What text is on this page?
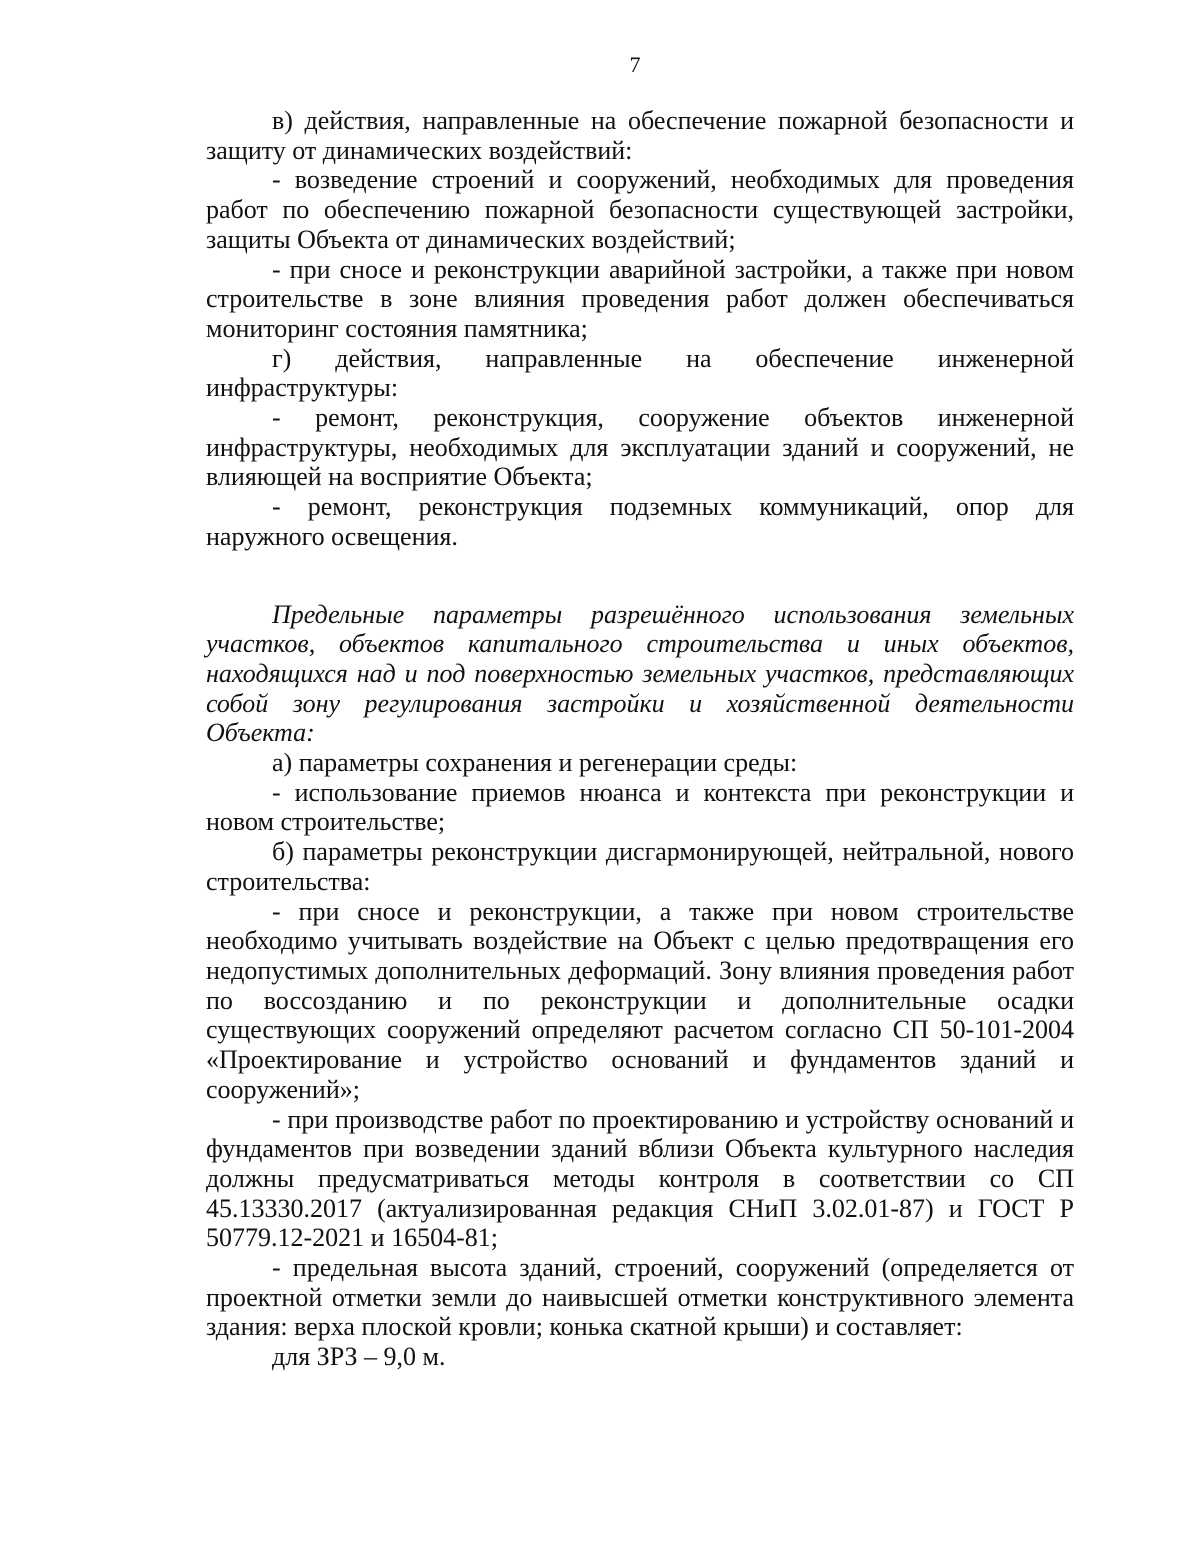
7

в) действия, направленные на обеспечение пожарной безопасности и защиту от динамических воздействий:

- возведение строений и сооружений, необходимых для проведения работ по обеспечению пожарной безопасности существующей застройки, защиты Объекта от динамических воздействий;

- при сносе и реконструкции аварийной застройки, а также при новом строительстве в зоне влияния проведения работ должен обеспечиваться мониторинг состояния памятника;

г) действия, направленные на обеспечение инженерной инфраструктуры:

- ремонт, реконструкция, сооружение объектов инженерной инфраструктуры, необходимых для эксплуатации зданий и сооружений, не влияющей на восприятие Объекта;

- ремонт, реконструкция подземных коммуникаций, опор для наружного освещения.

Предельные параметры разрешённого использования земельных участков, объектов капитального строительства и иных объектов, находящихся над и под поверхностью земельных участков, представляющих собой зону регулирования застройки и хозяйственной деятельности Объекта:

а) параметры сохранения и регенерации среды:

- использование приемов нюанса и контекста при реконструкции и новом строительстве;

б) параметры реконструкции дисгармонирующей, нейтральной, нового строительства:

- при сносе и реконструкции, а также при новом строительстве необходимо учитывать воздействие на Объект с целью предотвращения его недопустимых дополнительных деформаций. Зону влияния проведения работ по воссозданию и по реконструкции и дополнительные осадки существующих сооружений определяют расчетом согласно СП 50-101-2004 «Проектирование и устройство оснований и фундаментов зданий и сооружений»;

- при производстве работ по проектированию и устройству оснований и фундаментов при возведении зданий вблизи Объекта культурного наследия должны предусматриваться методы контроля в соответствии со СП 45.13330.2017 (актуализированная редакция СНиП 3.02.01-87) и ГОСТ Р 50779.12-2021 и 16504-81;

- предельная высота зданий, строений, сооружений (определяется от проектной отметки земли до наивысшей отметки конструктивного элемента здания: верха плоской кровли; конька скатной крыши) и составляет:

для ЗРЗ – 9,0 м.
